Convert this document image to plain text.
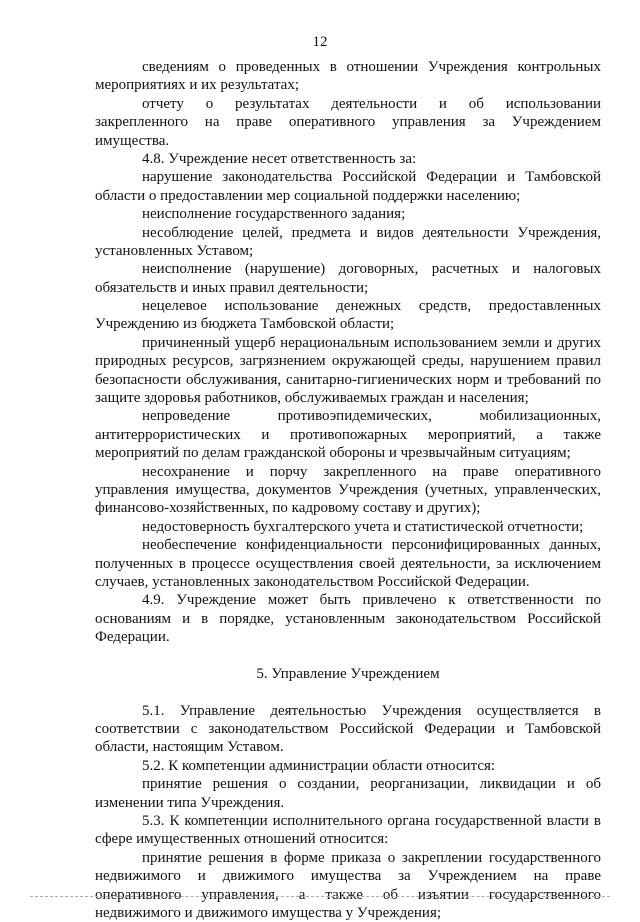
12
сведениям о проведенных в отношении Учреждения контрольных
мероприятиях и их результатах;
отчету о результатах деятельности и об использовании
закрепленного на праве оперативного управления за Учреждением
имущества.
4.8. Учреждение несет ответственность за:
нарушение законодательства Российской Федерации и Тамбовской
области о предоставлении мер социальной поддержки населению;
неисполнение государственного задания;
несоблюдение целей, предмета и видов деятельности Учреждения,
установленных Уставом;
неисполнение (нарушение) договорных, расчетных и налоговых
обязательств и иных правил деятельности;
нецелевое использование денежных средств, предоставленных
Учреждению из бюджета Тамбовской области;
причиненный ущерб нерациональным использованием земли и других
природных ресурсов, загрязнением окружающей среды, нарушением правил
безопасности обслуживания, санитарно-гигиенических норм и требований по
защите здоровья работников, обслуживаемых граждан и населения;
непроведение противоэпидемических, мобилизационных,
антитеррористических и противопожарных мероприятий, а также
мероприятий по делам гражданской обороны и чрезвычайным ситуациям;
несохранение и порчу закрепленного на праве оперативного
управления имущества, документов Учреждения (учетных, управленческих,
финансово-хозяйственных, по кадровому составу и других);
недостоверность бухгалтерского учета и статистической отчетности;
необеспечение конфиденциальности персонифицированных данных,
полученных в процессе осуществления своей деятельности, за исключением
случаев, установленных законодательством Российской Федерации.
4.9. Учреждение может быть привлечено к ответственности по
основаниям и в порядке, установленным законодательством Российской
Федерации.
5. Управление Учреждением
5.1. Управление деятельностью Учреждения осуществляется в
соответствии с законодательством Российской Федерации и Тамбовской
области, настоящим Уставом.
5.2. К компетенции администрации области относится:
принятие решения о создании, реорганизации, ликвидации и об
изменении типа Учреждения.
5.3. К компетенции исполнительного органа государственной власти в
сфере имущественных отношений относится:
принятие решения в форме приказа о закреплении государственного
недвижимого и движимого имущества за Учреждением на праве
оперативного управления, а также об изъятии государственного
недвижимого и движимого имущества у Учреждения;
